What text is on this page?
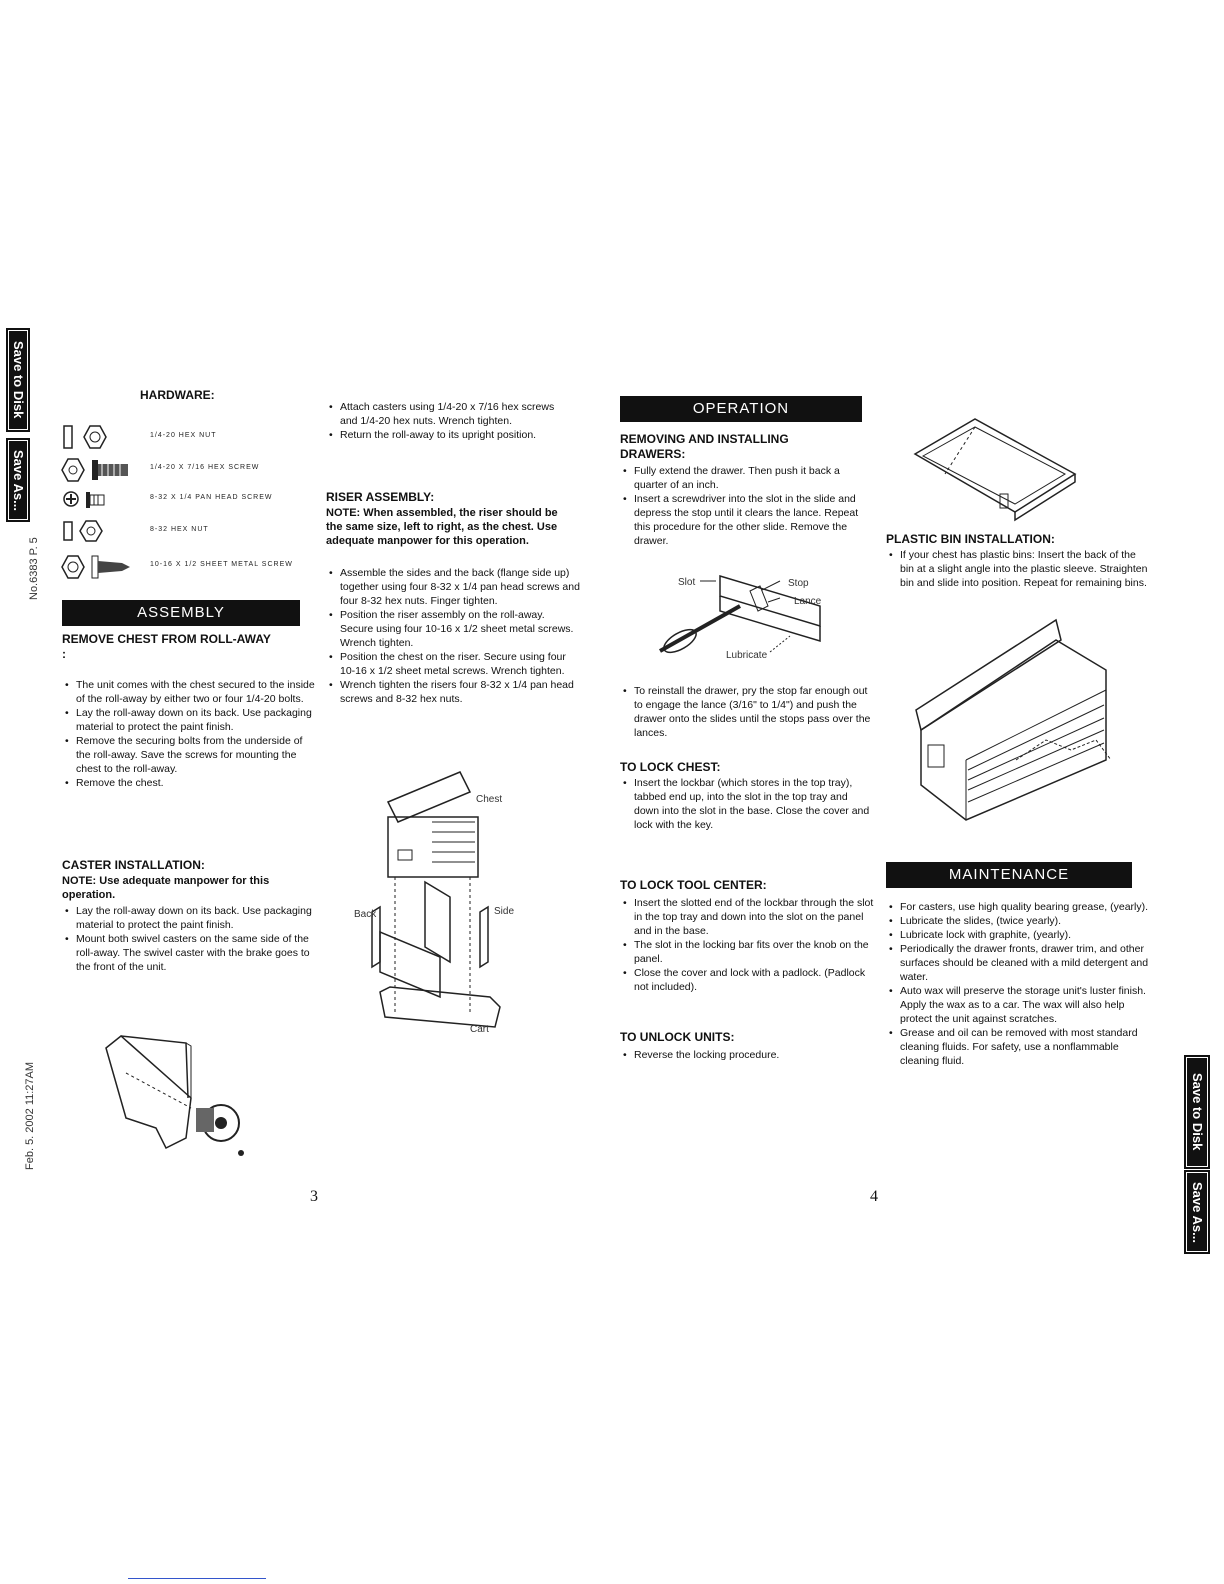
Save to Disk
Save As...
Save to Disk
Save As...
No.6383 P. 5
Feb. 5. 2002 11:27AM
HARDWARE:
1/4-20 HEX NUT
1/4-20 X 7/16 HEX SCREW
8-32 X 1/4 PAN HEAD SCREW
8-32 HEX NUT
10-16 X 1/2 SHEET METAL SCREW
ASSEMBLY
REMOVE CHEST FROM ROLL-AWAY :
• The unit comes with the chest secured to the inside of the roll-away by either two or four 1/4-20 bolts.
• Lay the roll-away down on its back. Use packaging material to protect the paint finish.
• Remove the securing bolts from the underside of the roll-away. Save the screws for mounting the chest to the roll-away.
• Remove the chest.
CASTER INSTALLATION:
NOTE: Use adequate manpower for this operation.
• Lay the roll-away down on its back. Use packaging material to protect the paint finish.
• Mount both swivel casters on the same side of the roll-away. The swivel caster with the brake goes to the front of the unit.
• Attach casters using 1/4-20 x 7/16 hex screws and 1/4-20 hex nuts. Wrench tighten.
• Return the roll-away to its upright position.
RISER ASSEMBLY:
NOTE: When assembled, the riser should be the same size, left to right, as the chest. Use adequate manpower for this operation.
• Assemble the sides and the back (flange side up) together using four 8-32 x 1/4 pan head screws and four 8-32 hex nuts. Finger tighten.
• Position the riser assembly on the roll-away. Secure using four 10-16 x 1/2 sheet metal screws. Wrench tighten.
• Position the chest on the riser. Secure using four 10-16 x 1/2 sheet metal screws. Wrench tighten.
• Wrench tighten the risers four 8-32 x 1/4 pan head screws and 8-32 hex nuts.
Chest
Back	Side
Cart
3
OPERATION
REMOVING AND INSTALLING DRAWERS:
• Fully extend the drawer. Then push it back a quarter of an inch.
• Insert a screwdriver into the slot in the slide and depress the stop until it clears the lance. Repeat this procedure for the other slide. Remove the drawer.
Slot	Stop
Lance
Lubricate
• To reinstall the drawer, pry the stop far enough out to engage the lance (3/16" to 1/4") and push the drawer onto the slides until the stops pass over the lances.
TO LOCK CHEST:
• Insert the lockbar (which stores in the top tray), tabbed end up, into the slot in the top tray and down into the slot in the base. Close the cover and lock with the key.
TO LOCK TOOL CENTER:
• Insert the slotted end of the lockbar through the slot in the top tray and down into the slot on the panel and in the base.
• The slot in the locking bar fits over the knob on the panel.
• Close the cover and lock with a padlock. (Padlock not included).
TO UNLOCK UNITS:
• Reverse the locking procedure.
PLASTIC BIN INSTALLATION:
• If your chest has plastic bins: Insert the back of the bin at a slight angle into the plastic sleeve. Straighten bin and slide into position. Repeat for remaining bins.
MAINTENANCE
• For casters, use high quality bearing grease, (yearly).
• Lubricate the slides, (twice yearly).
• Lubricate lock with graphite, (yearly).
• Periodically the drawer fronts, drawer trim, and other surfaces should be cleaned with a mild detergent and water.
• Auto wax will preserve the storage unit's luster finish. Apply the wax as to a car. The wax will also help protect the unit against scratches.
• Grease and oil can be removed with most standard cleaning fluids. For safety, use a nonflammable cleaning fluid.
4
